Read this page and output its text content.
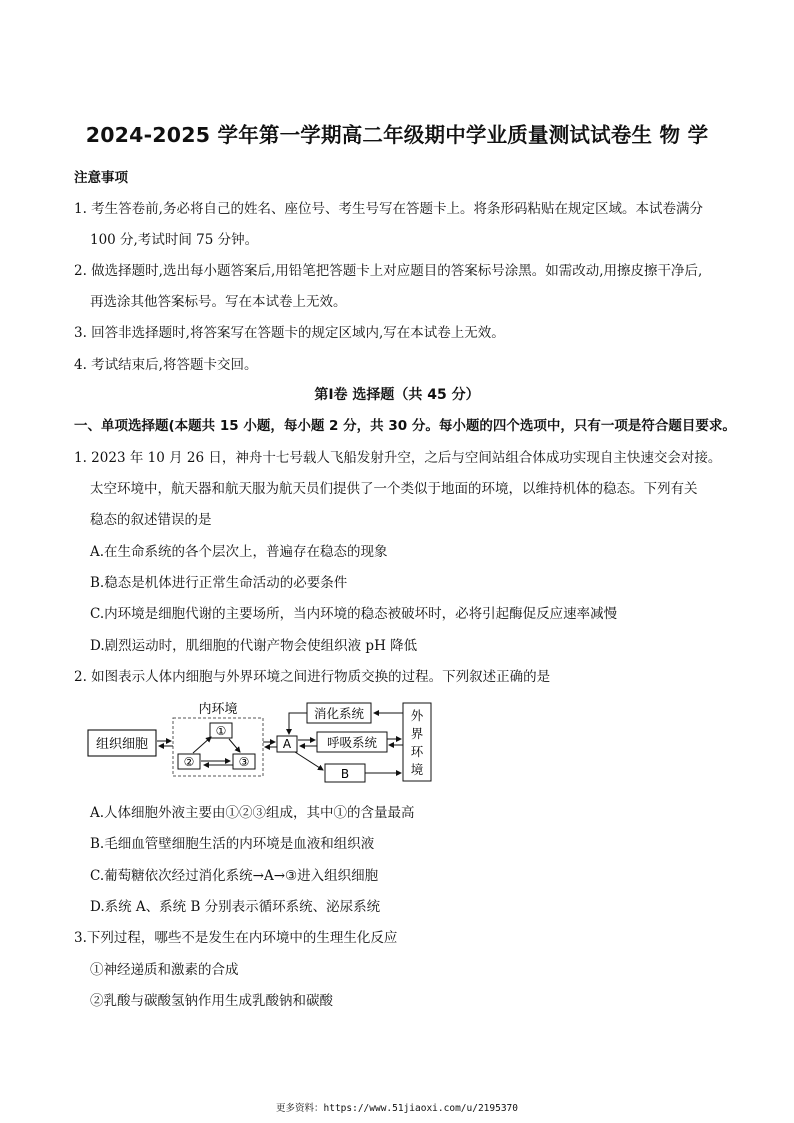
2024-2025 学年第一学期高二年级期中学业质量测试试卷生 物 学
注意事项
1. 考生答卷前,务必将自己的姓名、座位号、考生号写在答题卡上。将条形码粘贴在规定区域。本试卷满分
100 分,考试时间 75 分钟。
2. 做选择题时,选出每小题答案后,用铅笔把答题卡上对应题目的答案标号涂黑。如需改动,用擦皮擦干净后,
再选涂其他答案标号。写在本试卷上无效。
3. 回答非选择题时,将答案写在答题卡的规定区域内,写在本试卷上无效。
4. 考试结束后,将答题卡交回。
第Ⅰ卷 选择题（共 45 分）
一、单项选择题(本题共 15 小题，每小题 2 分，共 30 分。每小题的四个选项中，只有一项是符合题目要求。
1. 2023 年 10 月 26 日，神舟十七号载人飞船发射升空，之后与空间站组合体成功实现自主快速交会对接。
太空环境中，航天器和航天服为航天员们提供了一个类似于地面的环境，以维持机体的稳态。下列有关
稳态的叙述错误的是
A.在生命系统的各个层次上，普遍存在稳态的现象
B.稳态是机体进行正常生命活动的必要条件
C.内环境是细胞代谢的主要场所，当内环境的稳态被破坏时，必将引起酶促反应速率减慢
D.剧烈运动时，肌细胞的代谢产物会使组织液 pH 降低
2. 如图表示人体内细胞与外界环境之间进行物质交换的过程。下列叙述正确的是
组织细胞
内环境
①
②	③
A
消化系统
呼吸系统
B
外
界
环
境
A.人体细胞外液主要由①②③组成，其中①的含量最高
B.毛细血管壁细胞生活的内环境是血液和组织液
C.葡萄糖依次经过消化系统→A→③进入组织细胞
D.系统 A、系统 B 分别表示循环系统、泌尿系统
3.下列过程，哪些不是发生在内环境中的生理生化反应
①神经递质和激素的合成
②乳酸与碳酸氢钠作用生成乳酸钠和碳酸
更多资料：https://www.51jiaoxi.com/u/2195370
